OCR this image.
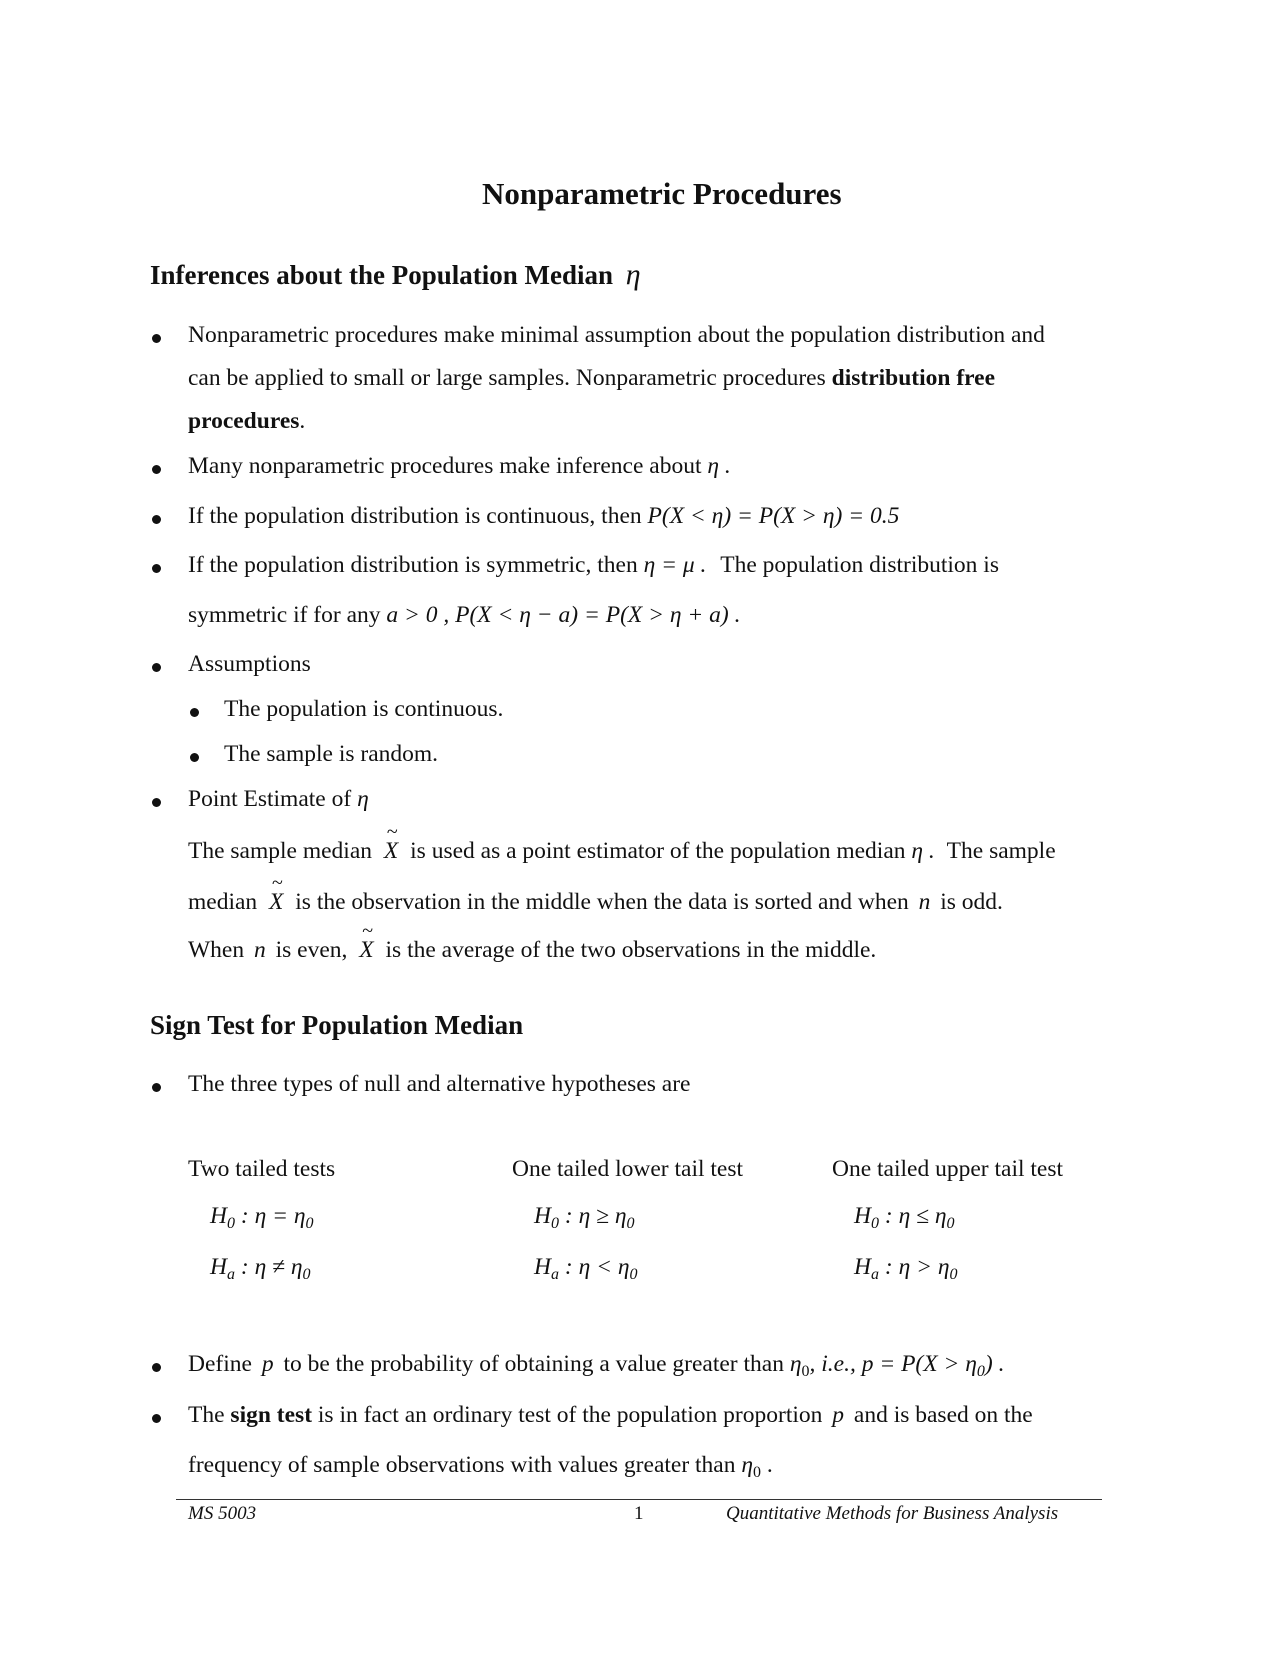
Nonparametric Procedures
Inferences about the Population Median η
Nonparametric procedures make minimal assumption about the population distribution and
can be applied to small or large samples. Nonparametric procedures distribution free
procedures.
Many nonparametric procedures make inference about η .
If the population distribution is continuous, then P(X < η) = P(X > η) = 0.5
If the population distribution is symmetric, then η = μ . The population distribution is
symmetric if for any a > 0 , P(X < η − a) = P(X > η + a) .
Assumptions
The population is continuous.
The sample is random.
Point Estimate of η
The sample median ~ X is used as a point estimator of the population median η . The sample
median ~ X is the observation in the middle when the data is sorted and when n is odd.
When n is even, ~ X is the average of the two observations in the middle.
Sign Test for Population Median
The three types of null and alternative hypotheses are
Two tailed tests	One tailed lower tail test	One tailed upper tail test
$H_0$ : $\eta = \eta_0$	$H_0$ : $\eta \ge \eta_0$	$H_0$ : $\eta \le \eta_0$
$H_a$ : $\eta \ne \eta_0$	$H_a$ : $\eta < \eta_0$	$H_a$ : $\eta > \eta_0$
Define p to be the probability of obtaining a value greater than $\eta_0$, i.e., $p = P(X > \eta_0)$ .
The sign test is in fact an ordinary test of the population proportion p and is based on the
frequency of sample observations with values greater than $\eta_0$ .
MS 5003	1	Quantitative Methods for Business Analysis
